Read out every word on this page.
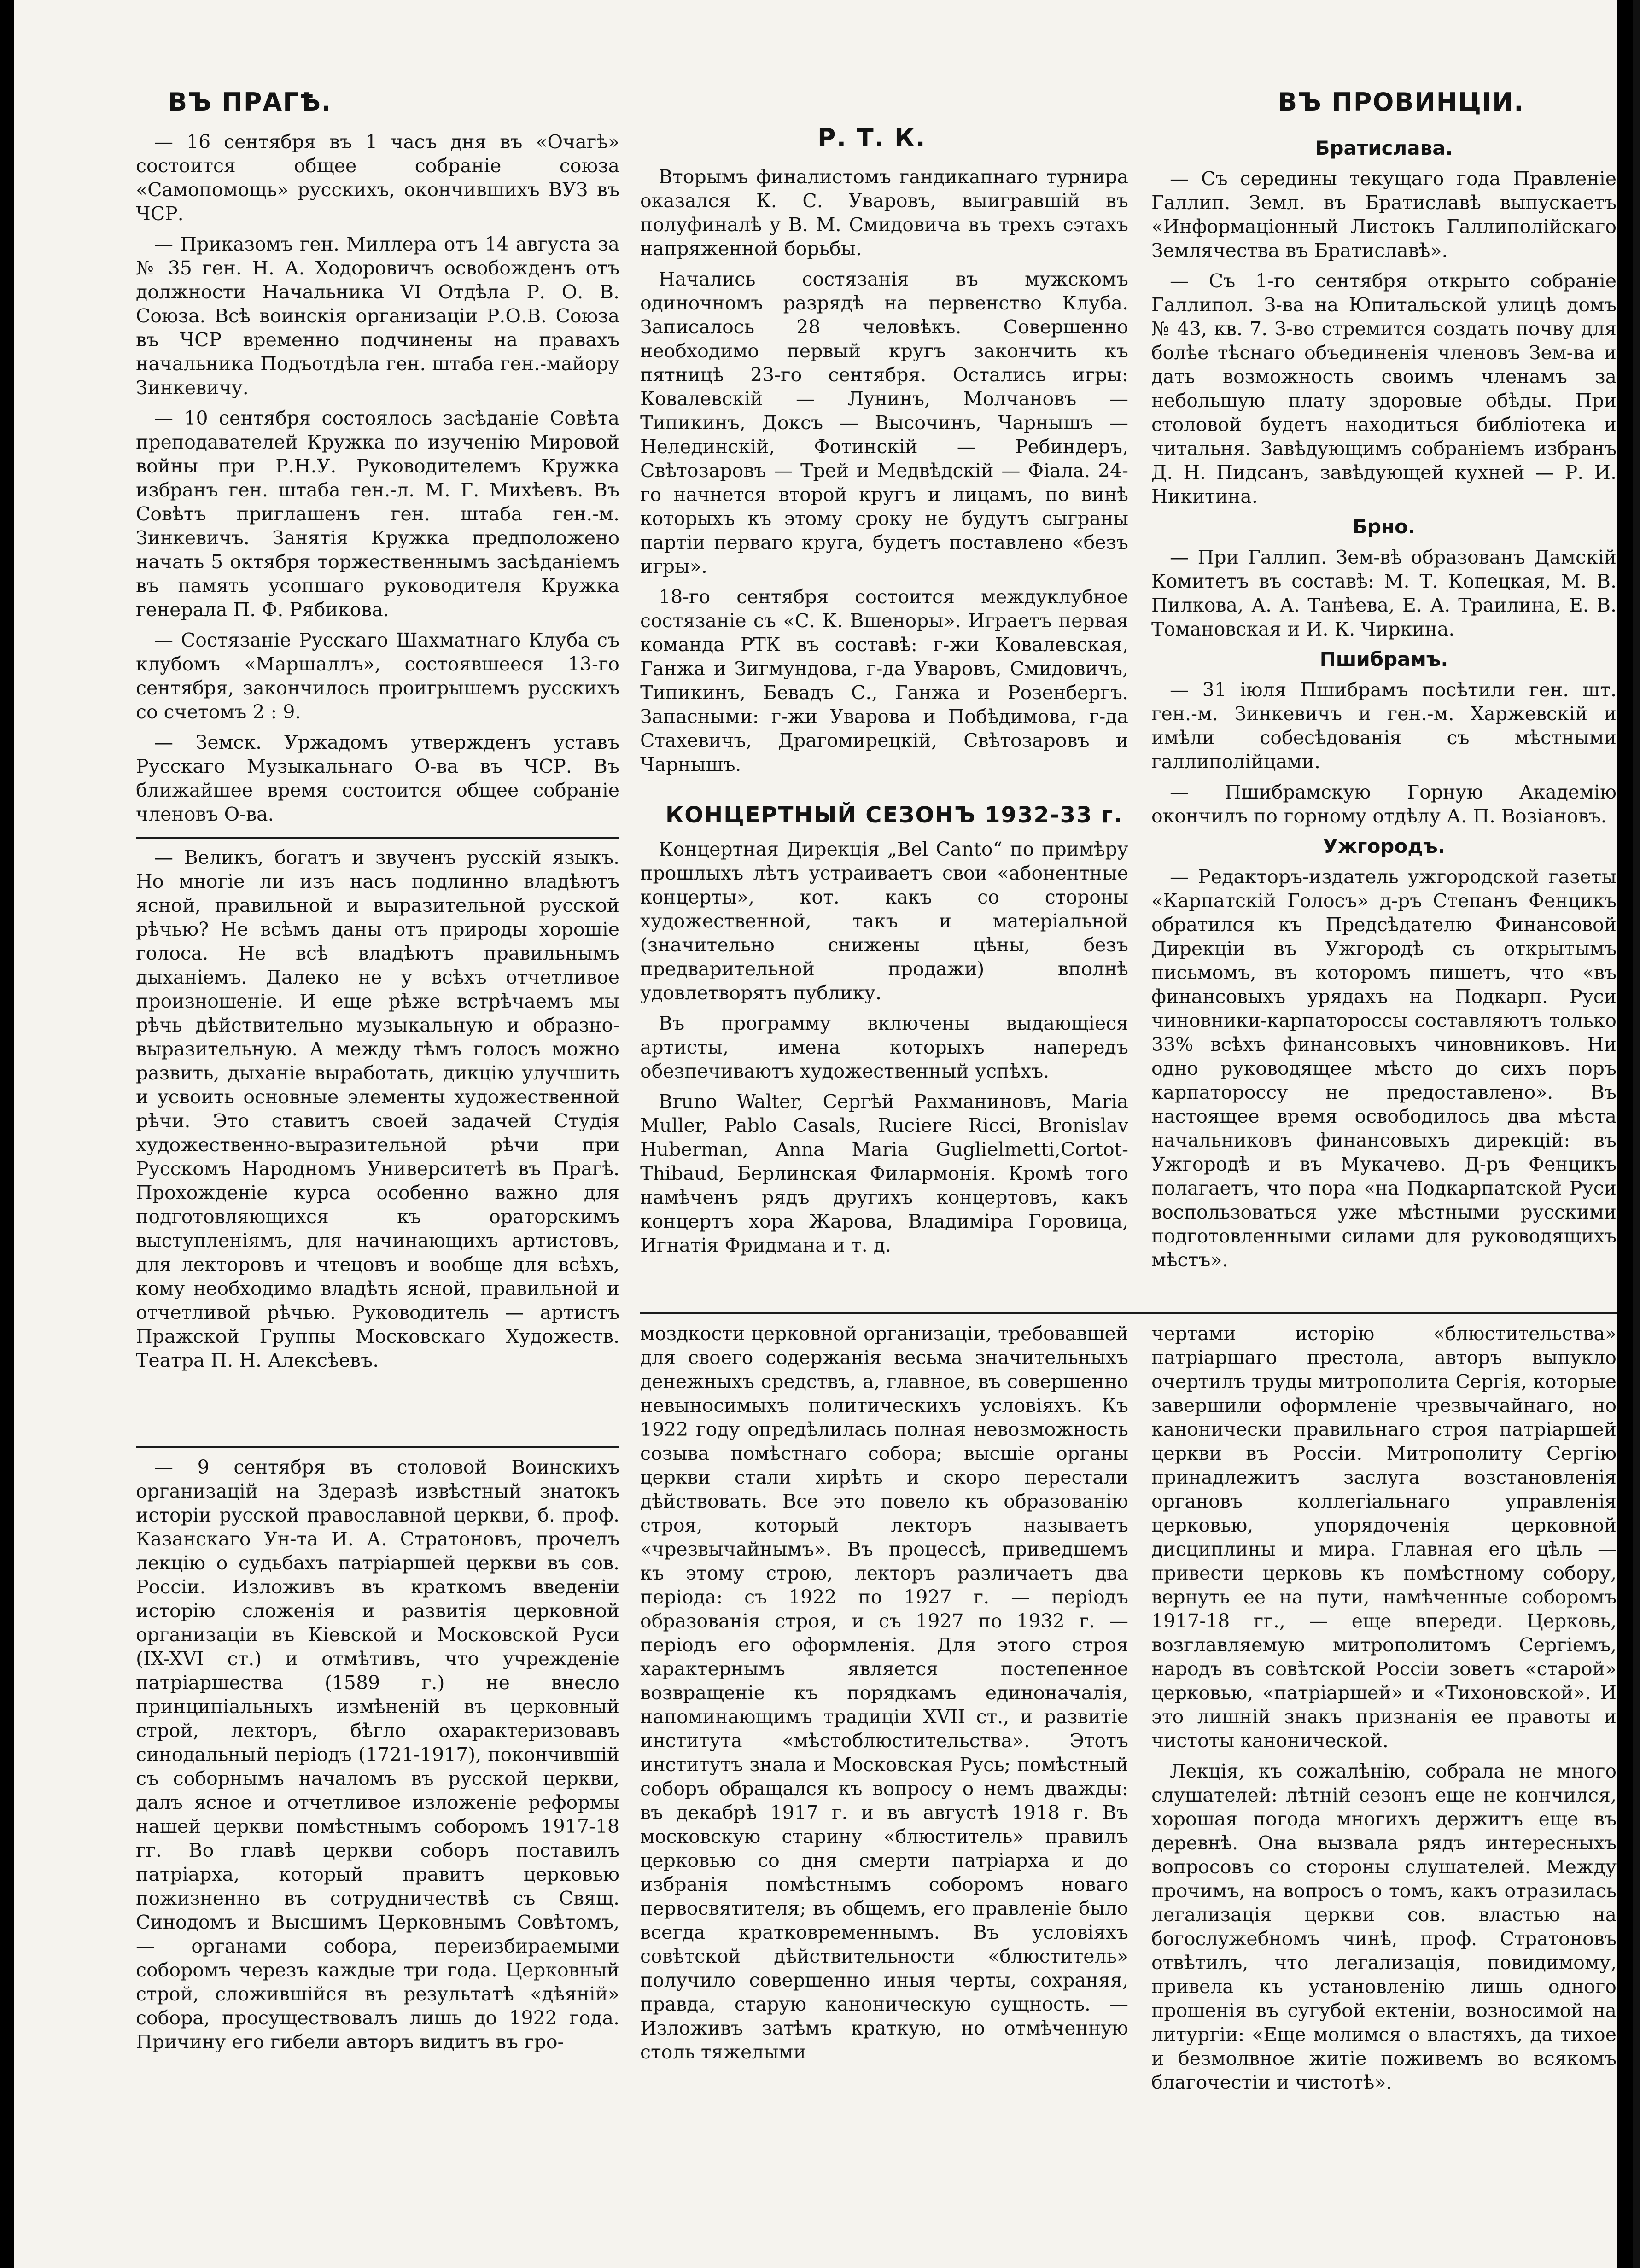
ВЪ ПРАГѢ.
Р. Т. К.
ВЪ ПРОВИНЦІИ.

— 16 сентября въ 1 часъ дня въ «Очагѣ» состоится общее собраніе союза «Самопомощь» русскихъ, окончившихъ ВУЗ въ ЧСР.

— Приказомъ ген. Миллера отъ 14 августа за № 35 ген. Н. А. Ходоровичъ освобожденъ отъ должности Начальника VI Отдѣла Р. О. В. Союза. Всѣ воинскія организаціи Р.О.В. Союза въ ЧСР временно подчинены на правахъ начальника Подъотдѣла ген. штаба ген.-майору Зинкевичу.

— 10 сентября состоялось засѣданіе Совѣта преподавателей Кружка по изученію Мировой войны при Р.Н.У. Руководителемъ Кружка избранъ ген. штаба ген.-л. М. Г. Михѣевъ. Въ Совѣтъ приглашенъ ген. штаба ген.-м. Зинкевичъ. Занятія Кружка предположено начать 5 октября торжественнымъ засѣданіемъ въ память усопшаго руководителя Кружка генерала П. Ф. Рябикова.

— Состязаніе Русскаго Шахматнаго Клуба съ клубомъ «Маршаллъ», состоявшееся 13-го сентября, закончилось проигрышемъ русскихъ со счетомъ 2 : 9.

— Земск. Уржадомъ утвержденъ уставъ Русскаго Музыкальнаго О-ва въ ЧСР. Въ ближайшее время состоится общее собраніе членовъ О-ва.

— Великъ, богатъ и звученъ русскій языкъ. Но многіе ли изъ насъ подлинно владѣютъ ясной, правильной и выразительной русской рѣчью? Не всѣмъ даны отъ природы хорошіе голоса. Не всѣ владѣютъ правильнымъ дыханіемъ. Далеко не у всѣхъ отчетливое произношеніе. И еще рѣже встрѣчаемъ мы рѣчь дѣйствительно музыкальную и образно-выразительную. А между тѣмъ голосъ можно развить, дыханіе выработать, дикцію улучшить и усвоить основные элементы художественной рѣчи. Это ставитъ своей задачей Студія художественно-выразительной рѣчи при Русскомъ Народномъ Университетѣ въ Прагѣ. Прохожденіе курса особенно важно для подготовляющихся къ ораторскимъ выступленіямъ, для начинающихъ артистовъ, для лекторовъ и чтецовъ и вообще для всѣхъ, кому необходимо владѣть ясной, правильной и отчетливой рѣчью. Руководитель — артистъ Пражской Группы Московскаго Художеств. Театра П. Н. Алексѣевъ.

Вторымъ финалистомъ гандикапнаго турнира оказался К. С. Уваровъ, выигравшій въ полуфиналѣ у В. М. Смидовича въ трехъ сэтахъ напряженной борьбы.

Начались состязанія въ мужскомъ одиночномъ разрядѣ на первенство Клуба. Записалось 28 человѣкъ. Совершенно необходимо первый кругъ закончить къ пятницѣ 23-го сентября. Остались игры: Ковалевскій — Лунинъ, Молчановъ — Типикинъ, Доксъ — Высочинъ, Чарнышъ — Нелединскій, Фотинскій — Ребиндеръ, Свѣтозаровъ — Трей и Медвѣдскій — Фіала. 24-го начнется второй кругъ и лицамъ, по винѣ которыхъ къ этому сроку не будутъ сыграны партіи перваго круга, будетъ поставлено «безъ игры».

18-го сентября состоится междуклубное состязаніе съ «С. К. Вшеноры». Играетъ первая команда РТК въ составѣ: г-жи Ковалевская, Ганжа и Зигмундова, г-да Уваровъ, Смидовичъ, Типикинъ, Бевадъ С., Ганжа и Розенбергъ. Запасными: г-жи Уварова и Побѣдимова, г-да Стахевичъ, Драгомирецкій, Свѣтозаровъ и Чарнышъ.

КОНЦЕРТНЫЙ СЕЗОНЪ 1932-33 г.

Концертная Дирекція „Bel Canto“ по примѣру прошлыхъ лѣтъ устраиваетъ свои «абонентные концерты», кот. какъ со стороны художественной, такъ и матеріальной (значительно снижены цѣны, безъ предварительной продажи) вполнѣ удовлетворятъ публику.

Въ программу включены выдающіеся артисты, имена которыхъ напередъ обезпечиваютъ художественный успѣхъ.

Bruno Walter, Сергѣй Рахманиновъ, Maria Muller, Pablo Casals, Ruciere Ricci, Bronislav Huberman, Anna Maria Guglielmetti,Cortot-Thibaud, Берлинская Филармонія. Кромѣ того намѣченъ рядъ другихъ концертовъ, какъ концертъ хора Жарова, Владиміра Горовица, Игнатія Фридмана и т. д.

Братиславa.

— Съ середины текущаго года Правленіе Галлип. Земл. въ Братиславѣ выпускаетъ «Информаціонный Листокъ Галлиполійскаго Землячества въ Братиславѣ».

— Съ 1-го сентября открыто собраніе Галлипол. З-ва на Юпитальской улицѣ домъ № 43, кв. 7. З-во стремится создать почву для болѣе тѣснаго объединенія членовъ Зем-ва и дать возможность своимъ членамъ за небольшую плату здоровые обѣды. При столовой будетъ находиться библіотека и читальня. Завѣдующимъ собраніемъ избранъ Д. Н. Пидсанъ, завѣдующей кухней — Р. И. Никитина.

Брно.

— При Галлип. Зем-вѣ образованъ Дамскій Комитетъ въ составѣ: М. Т. Копецкая, М. В. Пилкова, А. А. Танѣева, Е. А. Траилина, Е. В. Томановская и И. К. Чиркина.

Пшибрамъ.

— 31 іюля Пшибрамъ посѣтили ген. шт. ген.-м. Зинкевичъ и ген.-м. Харжевскій и имѣли собесѣдованія съ мѣстными галлиполійцами.

— Пшибрамскую Горную Академію окончилъ по горному отдѣлу А. П. Возіановъ.

Ужгородъ.

— Редакторъ-издатель ужгородской газеты «Карпатскій Голосъ» д-ръ Степанъ Фенцикъ обратился къ Предсѣдателю Финансовой Дирекціи въ Ужгородѣ съ открытымъ письмомъ, въ которомъ пишетъ, что «въ финансовыхъ урядахъ на Подкарп. Руси чиновники-карпатороссы составляютъ только 33% всѣхъ финансовыхъ чиновниковъ. Ни одно руководящее мѣсто до сихъ поръ карпатороссу не предоставлено». Въ настоящее время освободилось два мѣста начальниковъ финансовыхъ дирекцій: въ Ужгородѣ и въ Мукачево. Д-ръ Фенцикъ полагаетъ, что пора «на Подкарпатской Руси воспользоваться уже мѣстными русскими подготовленными силами для руководящихъ мѣстъ».

— 9 сентября въ столовой Воинскихъ организацій на Здеразѣ извѣстный знатокъ исторіи русской православной церкви, б. проф. Казанскаго Ун-та И. А. Стратоновъ, прочелъ лекцію о судьбахъ патріаршей церкви въ сов. Россіи. Изложивъ въ краткомъ введеніи исторію сложенія и развитія церковной организаціи въ Кіевской и Московской Руси (IX-XVI ст.) и отмѣтивъ, что учрежденіе патріаршества (1589 г.) не внесло принципіальныхъ измѣненій въ церковный строй, лекторъ, бѣгло охарактеризовавъ синодальный періодъ (1721-1917), покончившій съ соборнымъ началомъ въ русской церкви, далъ ясное и отчетливое изложеніе реформы нашей церкви помѣстнымъ соборомъ 1917-18 гг. Во главѣ церкви соборъ поставилъ патріарха, который правитъ церковью пожизненно въ сотрудничествѣ съ Свящ. Синодомъ и Высшимъ Церковнымъ Совѣтомъ, — органами собора, переизбираемыми соборомъ черезъ каждые три года. Церковный строй, сложившійся въ результатѣ «дѣяній» собора, просуществовалъ лишь до 1922 года. Причину его гибели авторъ видитъ въ гро-

моздкости церковной организаціи, требовавшей для своего содержанія весьма значительныхъ денежныхъ средствъ, а, главное, въ совершенно невыносимыхъ политическихъ условіяхъ. Къ 1922 году опредѣлилась полная невозможность созыва помѣстнаго собора; высшіе органы церкви стали хирѣть и скоро перестали дѣйствовать. Все это повело къ образованію строя, который лекторъ называетъ «чрезвычайнымъ». Въ процессѣ, приведшемъ къ этому строю, лекторъ различаетъ два періода: съ 1922 по 1927 г. — періодъ образованія строя, и съ 1927 по 1932 г. — періодъ его оформленія. Для этого строя характернымъ является постепенное возвращеніе къ порядкамъ единоначалія, напоминающимъ традиціи XVII ст., и развитіе института «мѣстоблюстительства». Этотъ институтъ знала и Московская Русь; помѣстный соборъ обращался къ вопросу о немъ дважды: въ декабрѣ 1917 г. и въ августѣ 1918 г. Въ московскую старину «блюститель» правилъ церковью со дня смерти патріарха и до избранія помѣстнымъ соборомъ новаго первосвятителя; въ общемъ, его правленіе было всегда кратковременнымъ. Въ условіяхъ совѣтской дѣйствительности «блюститель» получило совершенно иныя черты, сохраняя, правда, старую каноническую сущность. — Изложивъ затѣмъ краткую, но отмѣченную столь тяжелыми

чертами исторію «блюстительства» патріаршаго престола, авторъ выпукло очертилъ труды митрополита Сергія, которые завершили оформленіе чрезвычайнаго, но канонически правильнаго строя патріаршей церкви въ Россіи. Митрополиту Сергію принадлежитъ заслуга возстановленія органовъ коллегіальнаго управленія церковью, упорядоченія церковной дисциплины и мира. Главная его цѣль — привести церковь къ помѣстному собору, вернуть ее на пути, намѣченные соборомъ 1917-18 гг., — еще впереди. Церковь, возглавляемую митрополитомъ Сергіемъ, народъ въ совѣтской Россіи зоветъ «старой» церковью, «патріаршей» и «Тихоновской». И это лишній знакъ признанія ее правоты и чистоты канонической.

Лекція, къ сожалѣнію, собрала не много слушателей: лѣтній сезонъ еще не кончился, хорошая погода многихъ держитъ еще въ деревнѣ. Она вызвала рядъ интересныхъ вопросовъ со стороны слушателей. Между прочимъ, на вопросъ о томъ, какъ отразилась легализація церкви сов. властью на богослужебномъ чинѣ, проф. Стратоновъ отвѣтилъ, что легализація, повидимому, привела къ установленію лишь одного прошенія въ сугубой ектеніи, возносимой на литургіи: «Еще молимся о властяхъ, да тихое и безмолвное житіе поживемъ во всякомъ благочестіи и чистотѣ».
